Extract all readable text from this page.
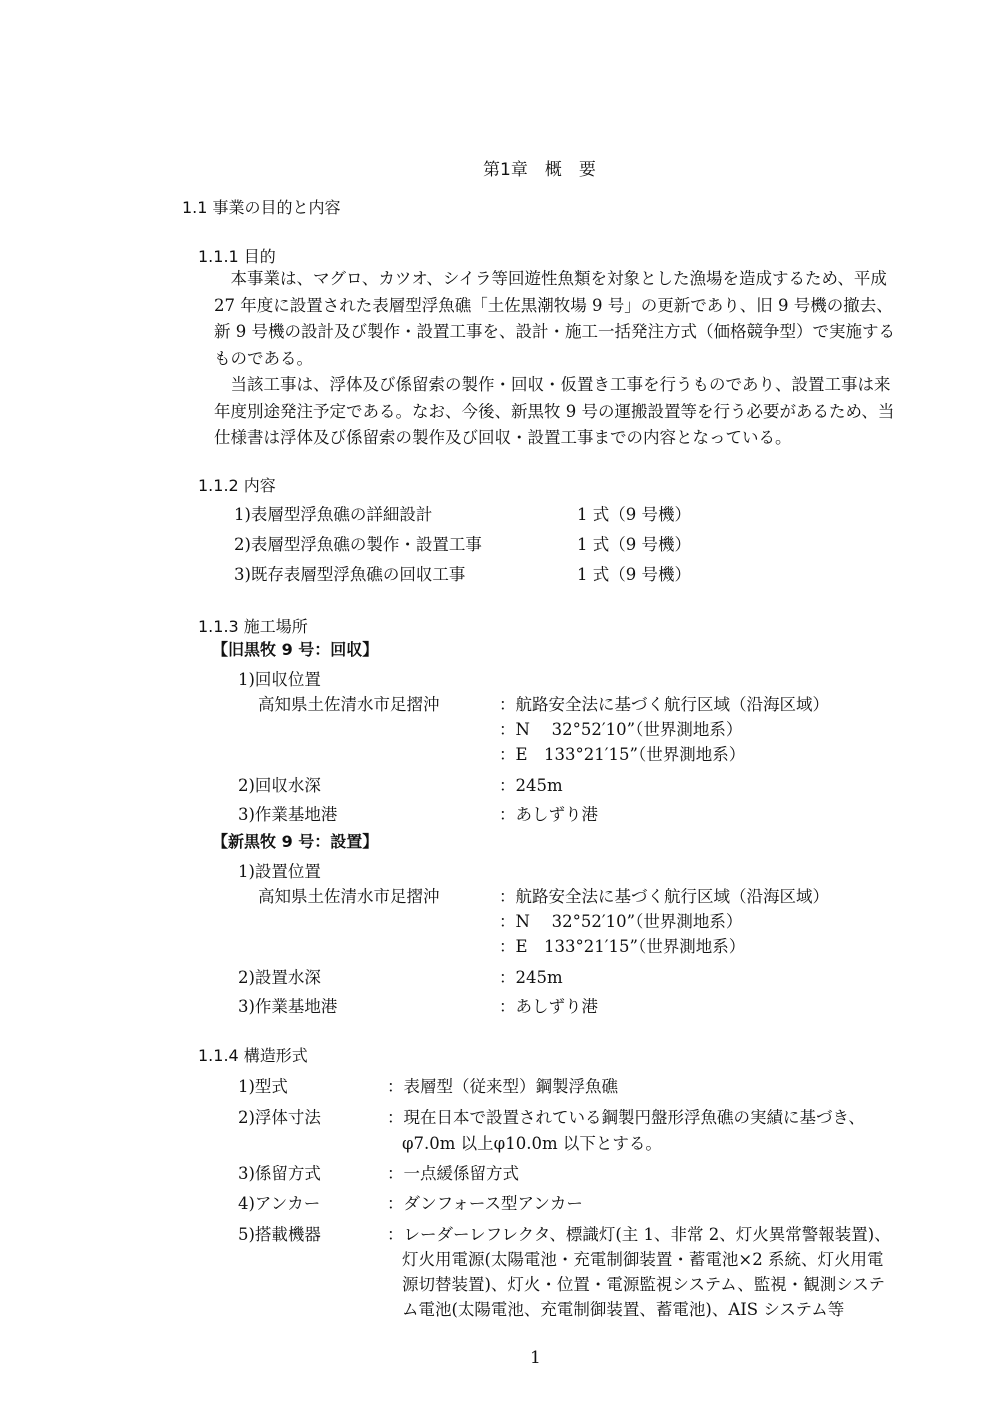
第1章　概　要
1.1 事業の目的と内容
1.1.1 目的
　本事業は、マグロ、カツオ、シイラ等回遊性魚類を対象とした漁場を造成するため、平成
27 年度に設置された表層型浮魚礁「土佐黒潮牧場 9 号」の更新であり、旧 9 号機の撤去、
新 9 号機の設計及び製作・設置工事を、設計・施工一括発注方式（価格競争型）で実施する
ものである。
　当該工事は、浮体及び係留索の製作・回収・仮置き工事を行うものであり、設置工事は来
年度別途発注予定である。なお、今後、新黒牧 9 号の運搬設置等を行う必要があるため、当
仕様書は浮体及び係留索の製作及び回収・設置工事までの内容となっている。
1.1.2 内容
1)表層型浮魚礁の詳細設計	1 式（9 号機）
2)表層型浮魚礁の製作・設置工事	1 式（9 号機）
3)既存表層型浮魚礁の回収工事	1 式（9 号機）
1.1.3 施工場所
【旧黒牧 9 号：回収】
1)回収位置
高知県土佐清水市足摺沖	：航路安全法に基づく航行区域（沿海区域）
：N　 32°52′10”（世界測地系）
：E　133°21′15”（世界測地系）
2)回収水深	：245m
3)作業基地港	：あしずり港
【新黒牧 9 号：設置】
1)設置位置
高知県土佐清水市足摺沖	：航路安全法に基づく航行区域（沿海区域）
：N　 32°52′10”（世界測地系）
：E　133°21′15”（世界測地系）
2)設置水深	：245m
3)作業基地港	：あしずり港
1.1.4 構造形式
1)型式	：表層型（従来型）鋼製浮魚礁
2)浮体寸法	：現在日本で設置されている鋼製円盤形浮魚礁の実績に基づき、
φ7.0m 以上φ10.0m 以下とする。
3)係留方式	：一点緩係留方式
4)アンカー	：ダンフォース型アンカー
5)搭載機器	：レーダーレフレクタ、標識灯(主 1、非常 2、灯火異常警報装置)、
灯火用電源(太陽電池・充電制御装置・蓄電池×2 系統、灯火用電
源切替装置)、灯火・位置・電源監視システム、監視・観測システ
ム電池(太陽電池、充電制御装置、蓄電池)、AIS システム等
1
